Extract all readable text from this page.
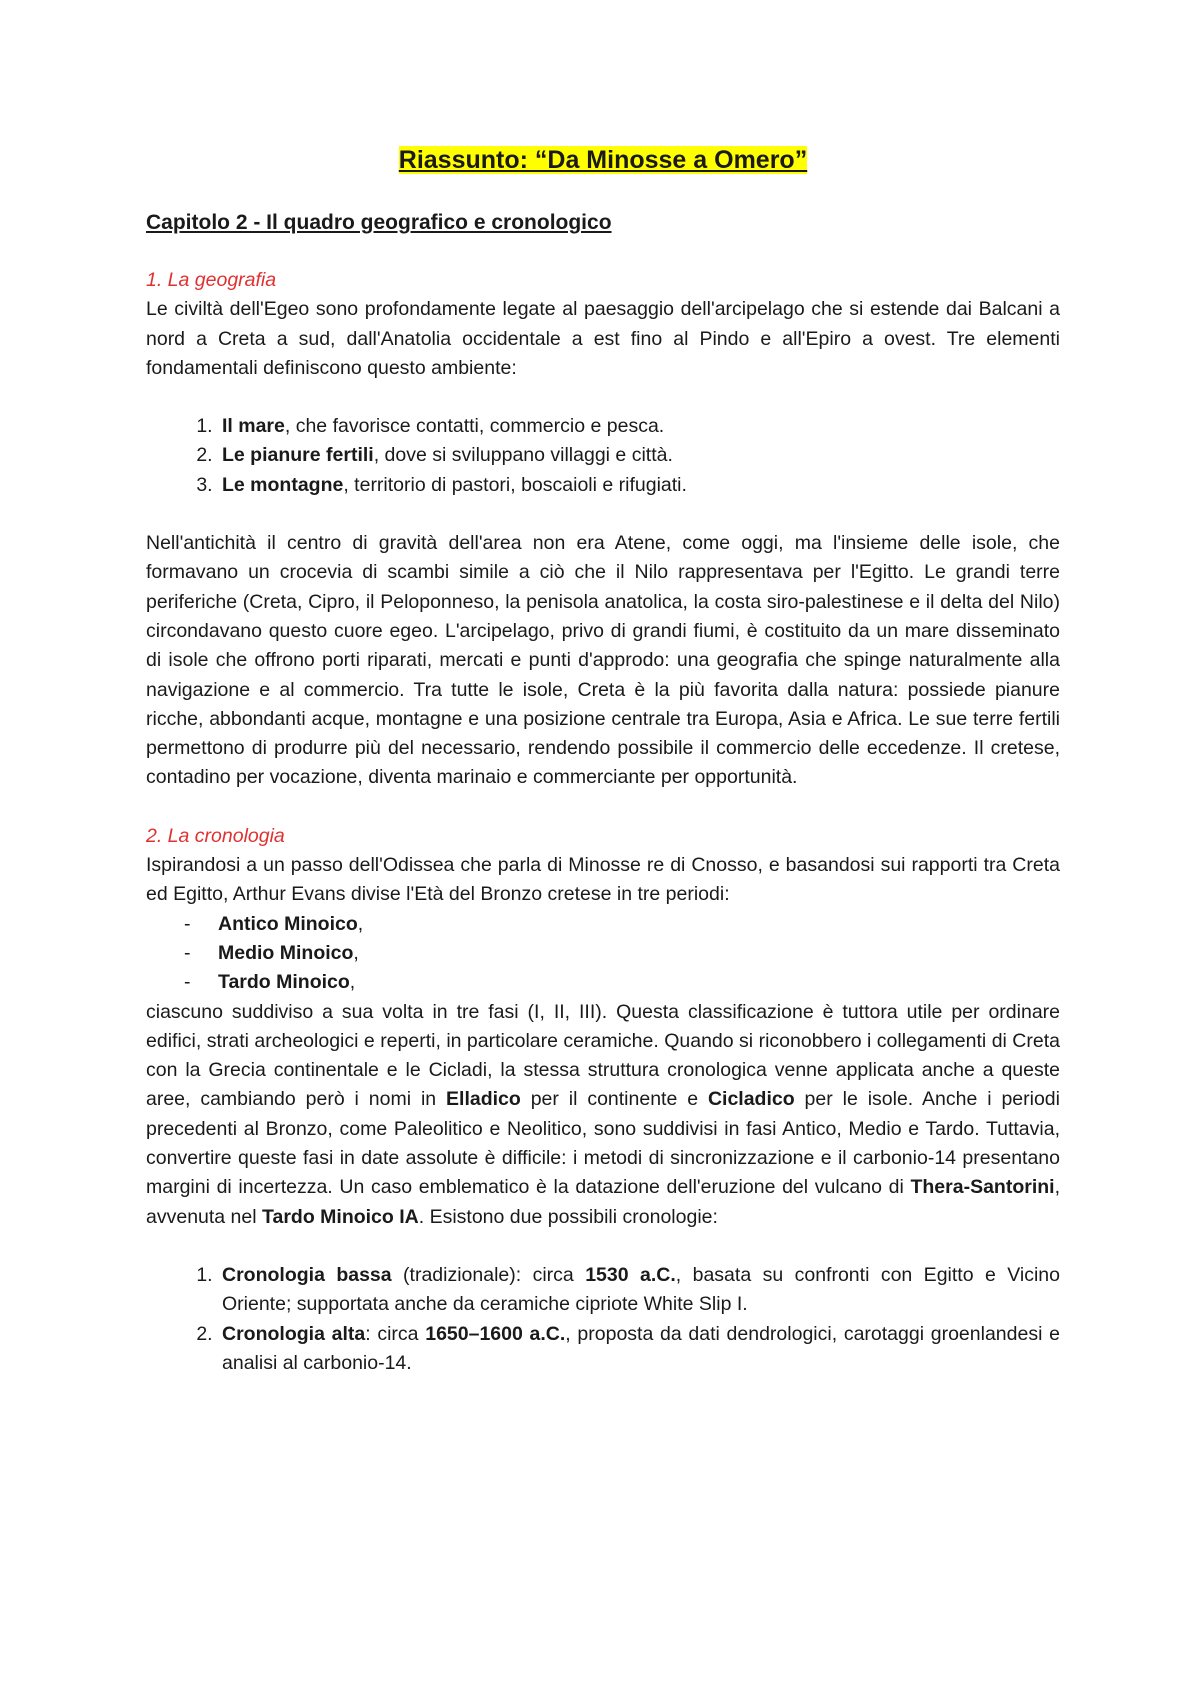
Riassunto: “Da Minosse a Omero”
Capitolo 2 - Il quadro geografico e cronologico
1. La geografia

Le civiltà dell'Egeo sono profondamente legate al paesaggio dell'arcipelago che si estende dai Balcani a nord a Creta a sud, dall'Anatolia occidentale a est fino al Pindo e all'Epiro a ovest. Tre elementi fondamentali definiscono questo ambiente:

1. Il mare, che favorisce contatti, commercio e pesca.
2. Le pianure fertili, dove si sviluppano villaggi e città.
3. Le montagne, territorio di pastori, boscaioli e rifugiati.

Nell'antichità il centro di gravità dell'area non era Atene, come oggi, ma l'insieme delle isole, che formavano un crocevia di scambi simile a ciò che il Nilo rappresentava per l'Egitto. Le grandi terre periferiche (Creta, Cipro, il Peloponneso, la penisola anatolica, la costa siro-palestinese e il delta del Nilo) circondavano questo cuore egeo. L'arcipelago, privo di grandi fiumi, è costituito da un mare disseminato di isole che offrono porti riparati, mercati e punti d'approdo: una geografia che spinge naturalmente alla navigazione e al commercio. Tra tutte le isole, Creta è la più favorita dalla natura: possiede pianure ricche, abbondanti acque, montagne e una posizione centrale tra Europa, Asia e Africa. Le sue terre fertili permettono di produrre più del necessario, rendendo possibile il commercio delle eccedenze. Il cretese, contadino per vocazione, diventa marinaio e commerciante per opportunità.

2. La cronologia

Ispirandosi a un passo dell'Odissea che parla di Minosse re di Cnosso, e basandosi sui rapporti tra Creta ed Egitto, Arthur Evans divise l'Età del Bronzo cretese in tre periodi:

- Antico Minoico,
- Medio Minoico,
- Tardo Minoico,

ciascuno suddiviso a sua volta in tre fasi (I, II, III). Questa classificazione è tuttora utile per ordinare edifici, strati archeologici e reperti, in particolare ceramiche. Quando si riconobbero i collegamenti di Creta con la Grecia continentale e le Cicladi, la stessa struttura cronologica venne applicata anche a queste aree, cambiando però i nomi in Elladico per il continente e Cicladico per le isole. Anche i periodi precedenti al Bronzo, come Paleolitico e Neolitico, sono suddivisi in fasi Antico, Medio e Tardo. Tuttavia, convertire queste fasi in date assolute è difficile: i metodi di sincronizzazione e il carbonio-14 presentano margini di incertezza. Un caso emblematico è la datazione dell'eruzione del vulcano di Thera-Santorini, avvenuta nel Tardo Minoico IA. Esistono due possibili cronologie:

1. Cronologia bassa (tradizionale): circa 1530 a.C., basata su confronti con Egitto e Vicino Oriente; supportata anche da ceramiche cipriote White Slip I.
2. Cronologia alta: circa 1650–1600 a.C., proposta da dati dendrologici, carotaggi groenlandesi e analisi al carbonio-14.
